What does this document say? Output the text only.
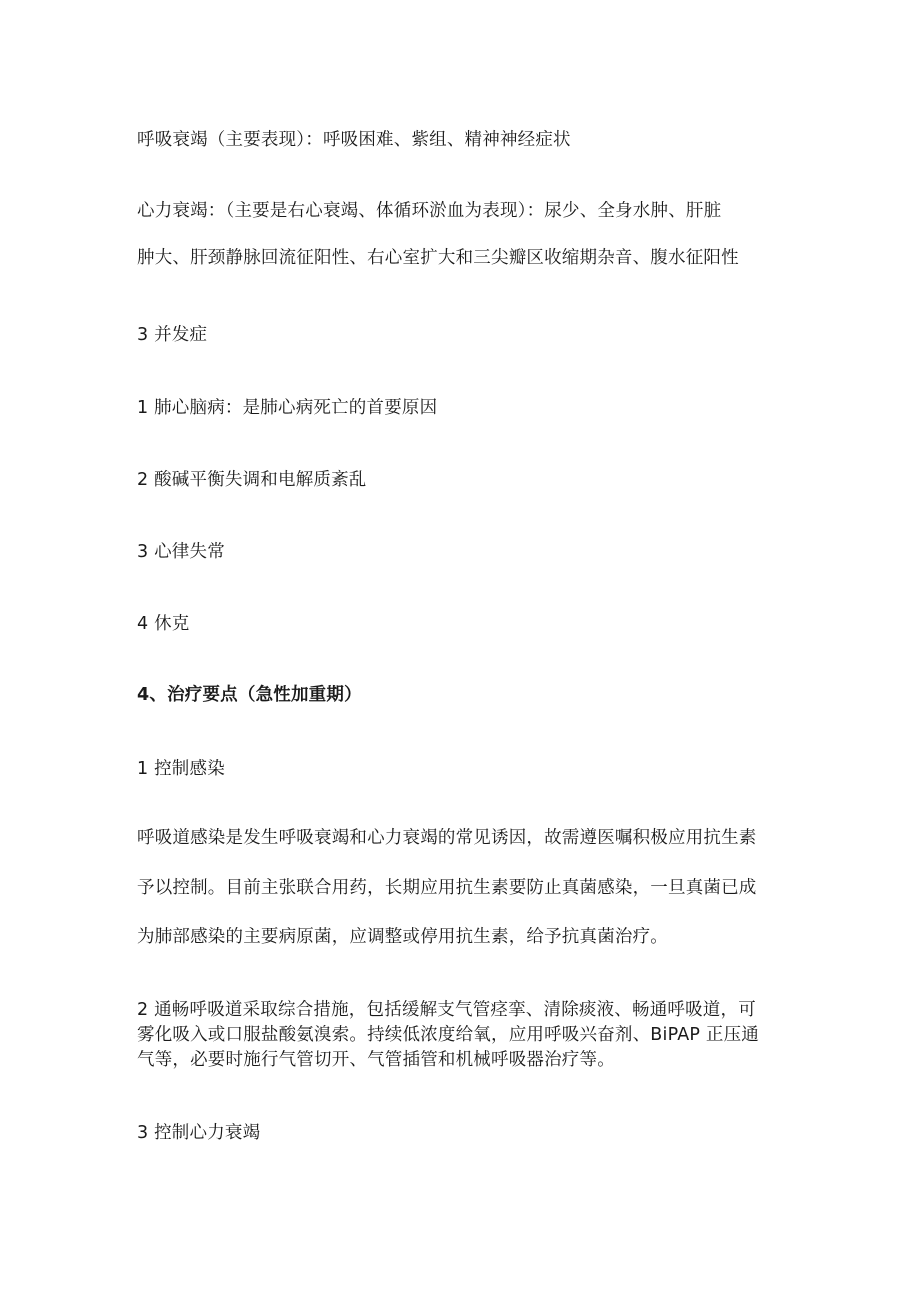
呼吸衰竭（主要表现）：呼吸困难、紫组、精神神经症状
心力衰竭：（主要是右心衰竭、体循环淤血为表现）：尿少、全身水肿、肝脏
肿大、肝颈静脉回流征阳性、右心室扩大和三尖瓣区收缩期杂音、腹水征阳性
3 并发症
1 肺心脑病：是肺心病死亡的首要原因
2 酸碱平衡失调和电解质紊乱
3 心律失常
4 休克
4、治疗要点（急性加重期）
1 控制感染
呼吸道感染是发生呼吸衰竭和心力衰竭的常见诱因，故需遵医嘱积极应用抗生素
予以控制。目前主张联合用药，长期应用抗生素要防止真菌感染，一旦真菌已成
为肺部感染的主要病原菌，应调整或停用抗生素，给予抗真菌治疗。
2 通畅呼吸道采取综合措施，包括缓解支气管痉挛、清除痰液、畅通呼吸道，可
雾化吸入或口服盐酸氨溴索。持续低浓度给氧，应用呼吸兴奋剂、BiPAP 正压通
气等，必要时施行气管切开、气管插管和机械呼吸器治疗等。
3 控制心力衰竭
